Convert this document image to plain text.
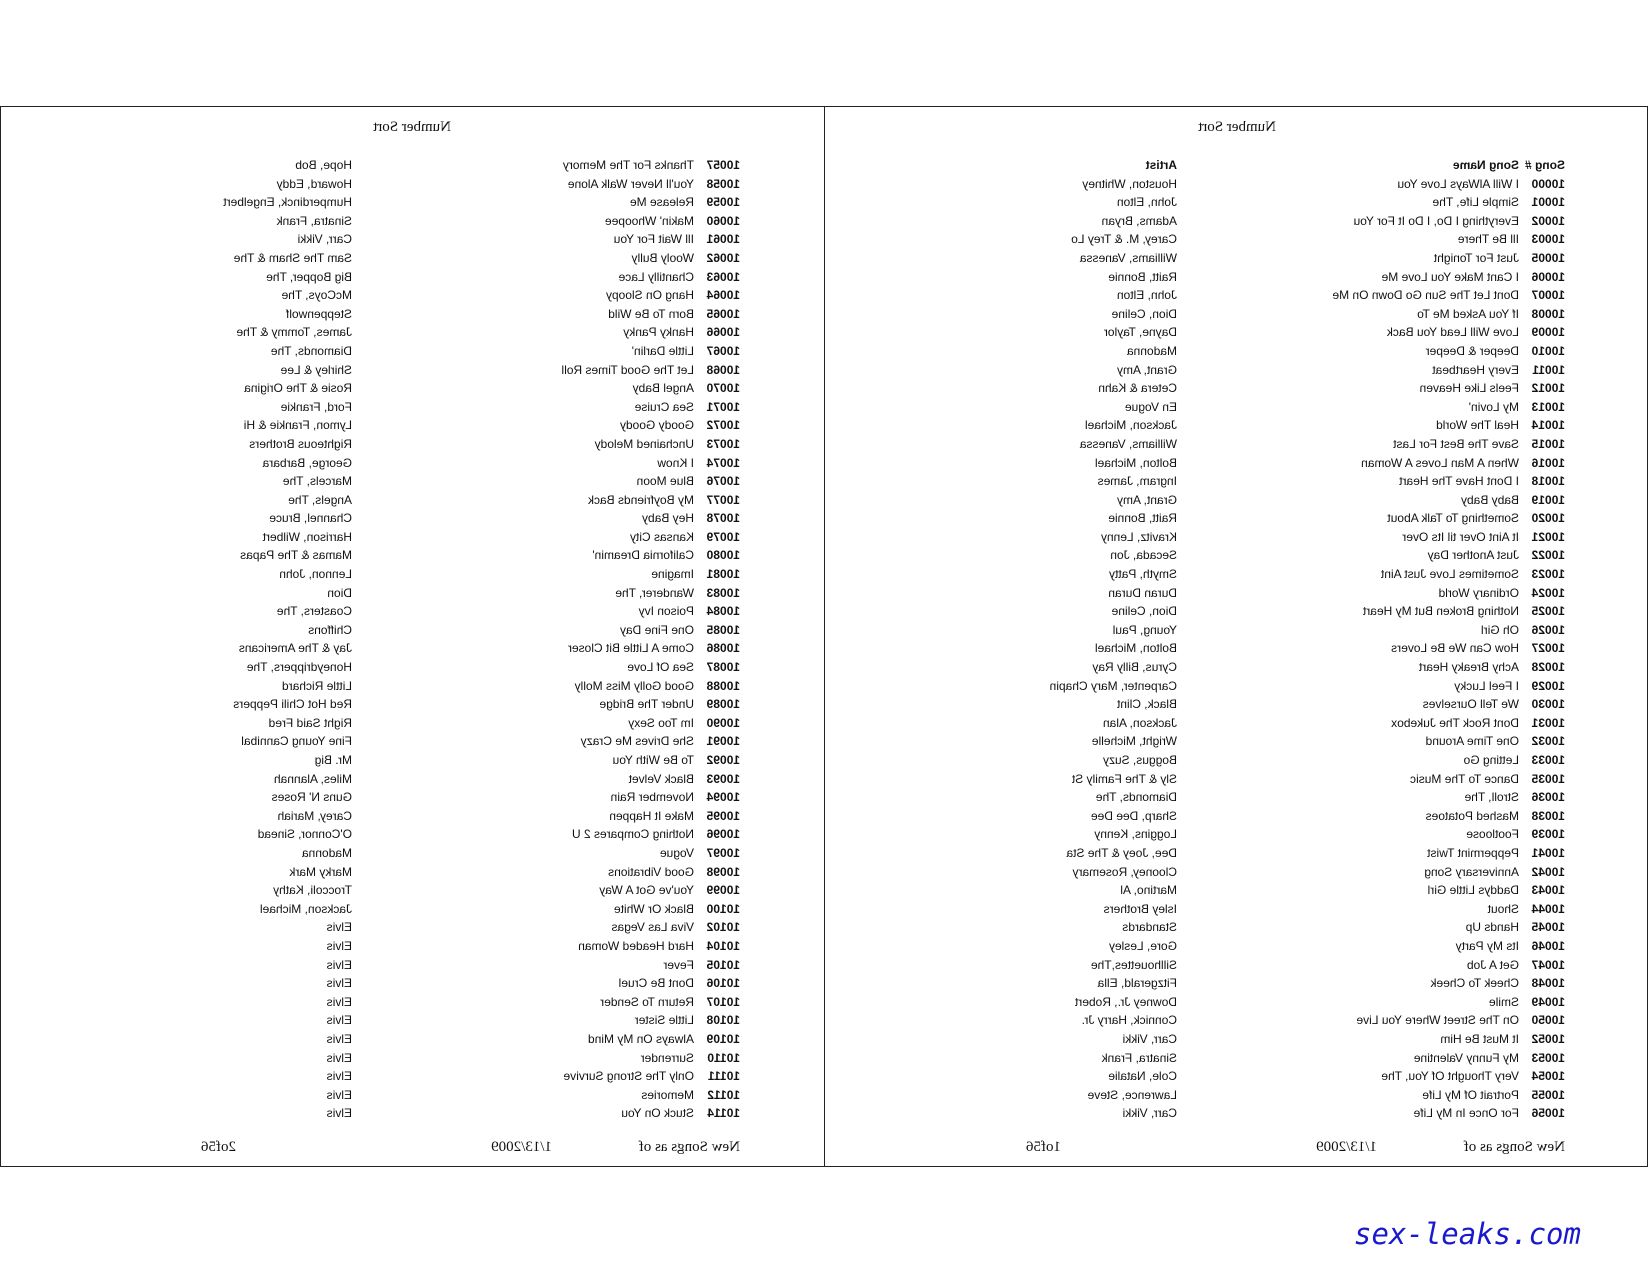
Number Sort
Song #
Song Name
Artist
10000
I Will AlWays Love You
Houston, Whitney
10001
Simple Life, The
John, Elton
10002
Everything I Do, I Do It For You
Adams, Bryan
10003
Ill Be There
Carey, M. & Trey Lo
10005
Just For Tonight
Williams, Vanessa
10006
I Cant Make You Love Me
Raitt, Bonnie
10007
Dont Let The Sun Go Down On Me
John, Elton
10008
If You Asked Me To
Dion, Celine
10009
Love Will Lead You Back
Dayne, Taylor
10010
Deeper & Deeper
Madonna
10011
Every Heartbeat
Grant, Amy
10012
Feels Like Heaven
Cetera & Kahn
10013
My Lovin'
En Vogue
10014
Heal The World
Jackson, Michael
10015
Save The Best For Last
Williams, Vanessa
10016
When A Man Loves A Woman
Bolton, Michael
10018
I Dont Have The Heart
Ingram, James
10019
Baby Baby
Grant, Amy
10020
Something To Talk About
Raitt, Bonnie
10021
It Aint Over til Its Over
Kravitz, Lenny
10022
Just Another Day
Secada, Jon
10023
Sometimes Love Just Aint
Smyth, Patty
10024
Ordinary World
Duran Duran
10025
Nothing Broken But My Heart
Dion, Celine
10026
Oh Girl
Young, Paul
10027
How Can We Be Lovers
Bolton, Michael
10028
Achy Breaky Heart
Cyrus, Billy Ray
10029
I Feel Lucky
Carpenter, Mary Chapin
10030
We Tell Ourselves
Black, Clint
10031
Dont Rock The Jukebox
Jackson, Alan
10032
One Time Around
Wright, Michelle
10033
Letting Go
Boggus, Suzy
10035
Dance To The Music
Sly & The Family St
10036
Stroll, The
Diamonds, The
10038
Mashed Potatoes
Sharp, Dee Dee
10039
Footloose
Loggins, Kenny
10041
Peppermint Twist
Dee, Joey & The Sta
10042
Anniversary Song
Clooney, Rosemary
10043
Daddys Little Girl
Martino, Al
10044
Shout
Isley Brothers
10045
Hands Up
Standards
10046
Its My Party
Gore, Lesley
10047
Get A Job
Sillhouettes,The
10048
Cheek To Cheek
Fitzgerald, Ella
10049
Smile
Downey Jr., Robert
10050
On The Street Where You Live
Connick, Harry Jr.
10052
It Must Be Him
Carr, Vikki
10053
My Funny Valentine
Sinatra, Frank
10054
Very Thought Of You, The
Cole, Natalie
10055
Portrait Of My Life
Lawrence, Steve
10056
For Once In My Life
Carr, Vikki
New Songs as of
1/13/2009
1of56
Number Sort
10057
Thanks For The Memory
Hope, Bob
10058
You'll Never Walk Alone
Howard, Eddy
10059
Release Me
Humperdinck, Engelbert
10060
Makin' Whoopee
Sinatra, Frank
10061
Ill Wait For You
Carr, Vikki
10062
Wooly Bully
Sam The Sham & The
10063
Chantilly Lace
Big Bopper, The
10064
Hang On Sloopy
McCoys, The
10065
Born To Be Wild
Steppenwolf
10066
Hanky Panky
James, Tommy & The
10067
Little Darlin'
Diamonds, The
10068
Let The Good Times Roll
Shirley & Lee
10070
Angel Baby
Rosie & The Origina
10071
Sea Cruise
Ford, Frankie
10072
Goody Goody
Lymon, Frankie & Hi
10073
Unchained Melody
Righteous Brothers
10074
I Know
George, Barbara
10076
Blue Moon
Marcels, The
10077
My Boyfriends Back
Angels, The
10078
Hey Baby
Channel, Bruce
10079
Kansas City
Harrison, Wilbert
10080
California Dreamin'
Mamas & The Papas
10081
Imagine
Lennon, John
10083
Wanderer, The
Dion
10084
Poison Ivy
Coasters, The
10085
One Fine Day
Chiffons
10086
Come A Little Bit Closer
Jay & The Americans
10087
Sea Of Love
Honeydrippers, The
10088
Good Golly Miss Molly
Little Richard
10089
Under The Bridge
Red Hot Chili Peppers
10090
Im Too Sexy
Right Said Fred
10091
She Drives Me Crazy
Fine Young Cannibal
10092
To Be With You
Mr. Big
10093
Black Velvet
Miles, Alannah
10094
November Rain
Guns N' Roses
10095
Make It Happen
Carey, Mariah
10096
Nothing Compares 2 U
O'Connor, Sinead
10097
Vogue
Madonna
10098
Good Vibrations
Marky Mark
10099
You've Got A Way
Troccoli, Kathy
10100
Black Or White
Jackson, Michael
10102
Viva Las Vegas
Elvis
10104
Hard Headed Woman
Elvis
10105
Fever
Elvis
10106
Dont Be Cruel
Elvis
10107
Return To Sender
Elvis
10108
Little Sister
Elvis
10109
Always On My Mind
Elvis
10110
Surrender
Elvis
10111
Only The Strong Survive
Elvis
10112
Memories
Elvis
10114
Stuck On You
Elvis
New Songs as of
1/13/2009
2of56
sex-leaks.com
